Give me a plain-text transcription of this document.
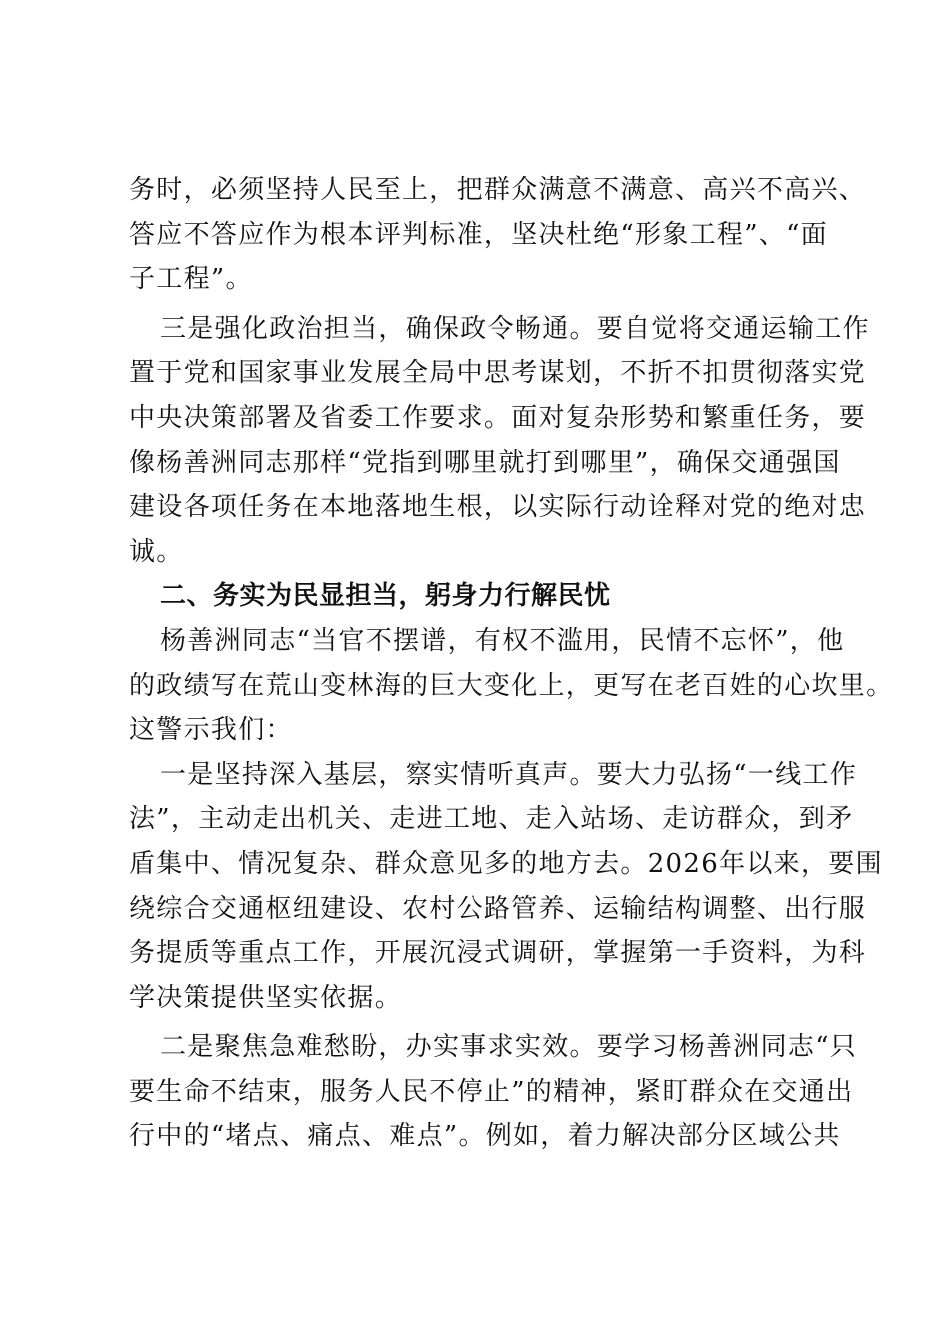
务时，必须坚持人民至上，把群众满意不满意、高兴不高兴、
答应不答应作为根本评判标准，坚决杜绝“形象工程”、“面
子工程”。
三是强化政治担当，确保政令畅通。要自觉将交通运输工作
置于党和国家事业发展全局中思考谋划，不折不扣贯彻落实党
中央决策部署及省委工作要求。面对复杂形势和繁重任务，要
像杨善洲同志那样“党指到哪里就打到哪里”，确保交通强国
建设各项任务在本地落地生根，以实际行动诠释对党的绝对忠
诚。
二、务实为民显担当，躬身力行解民忧
杨善洲同志“当官不摆谱，有权不滥用，民情不忘怀”，他
的政绩写在荒山变林海的巨大变化上，更写在老百姓的心坎里。
这警示我们：
一是坚持深入基层，察实情听真声。要大力弘扬“一线工作
法”，主动走出机关、走进工地、走入站场、走访群众，到矛
盾集中、情况复杂、群众意见多的地方去。2026年以来，要围
绕综合交通枢纽建设、农村公路管养、运输结构调整、出行服
务提质等重点工作，开展沉浸式调研，掌握第一手资料，为科
学决策提供坚实依据。
二是聚焦急难愁盼，办实事求实效。要学习杨善洲同志“只
要生命不结束，服务人民不停止”的精神，紧盯群众在交通出
行中的“堵点、痛点、难点”。例如，着力解决部分区域公共
